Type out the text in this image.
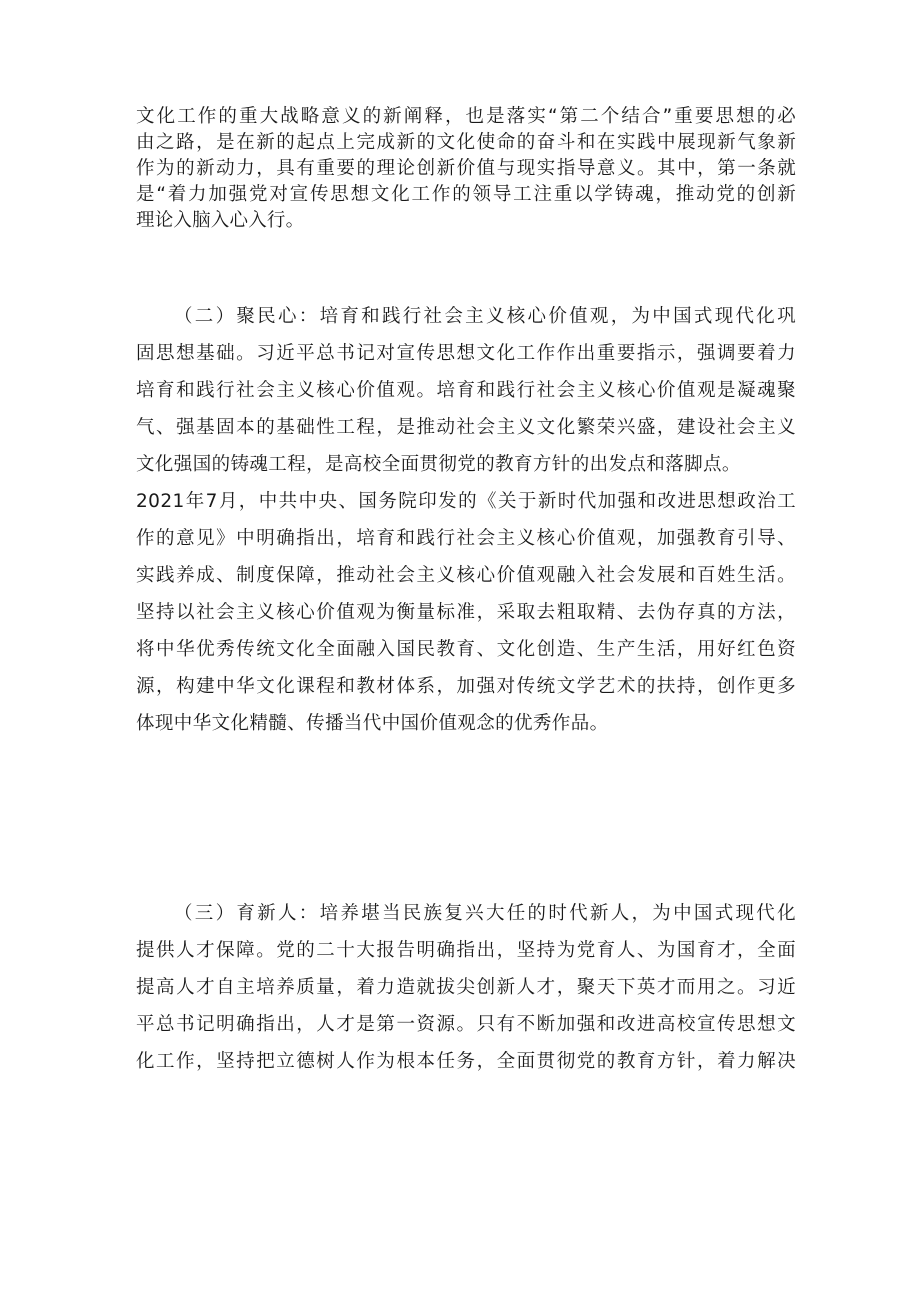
文化工作的重大战略意义的新阐释，也是落实“第二个结合”重要思想的必
由之路，是在新的起点上完成新的文化使命的奋斗和在实践中展现新气象新
作为的新动力，具有重要的理论创新价值与现实指导意义。其中，第一条就
是“着力加强党对宣传思想文化工作的领导工注重以学铸魂，推动党的创新
理论入脑入心入行。
（二）聚民心：培育和践行社会主义核心价值观，为中国式现代化巩
固思想基础。习近平总书记对宣传思想文化工作作出重要指示，强调要着力
培育和践行社会主义核心价值观。培育和践行社会主义核心价值观是凝魂聚
气、强基固本的基础性工程，是推动社会主义文化繁荣兴盛，建设社会主义
文化强国的铸魂工程，是高校全面贯彻党的教育方针的出发点和落脚点。
2021年7月，中共中央、国务院印发的《关于新时代加强和改进思想政治工
作的意见》中明确指出，培育和践行社会主义核心价值观，加强教育引导、
实践养成、制度保障，推动社会主义核心价值观融入社会发展和百姓生活。
坚持以社会主义核心价值观为衡量标准，采取去粗取精、去伪存真的方法，
将中华优秀传统文化全面融入国民教育、文化创造、生产生活，用好红色资
源，构建中华文化课程和教材体系，加强对传统文学艺术的扶持，创作更多
体现中华文化精髓、传播当代中国价值观念的优秀作品。
（三）育新人：培养堪当民族复兴大任的时代新人，为中国式现代化
提供人才保障。党的二十大报告明确指出，坚持为党育人、为国育才，全面
提高人才自主培养质量，着力造就拔尖创新人才，聚天下英才而用之。习近
平总书记明确指出，人才是第一资源。只有不断加强和改进高校宣传思想文
化工作，坚持把立德树人作为根本任务，全面贯彻党的教育方针，着力解决
